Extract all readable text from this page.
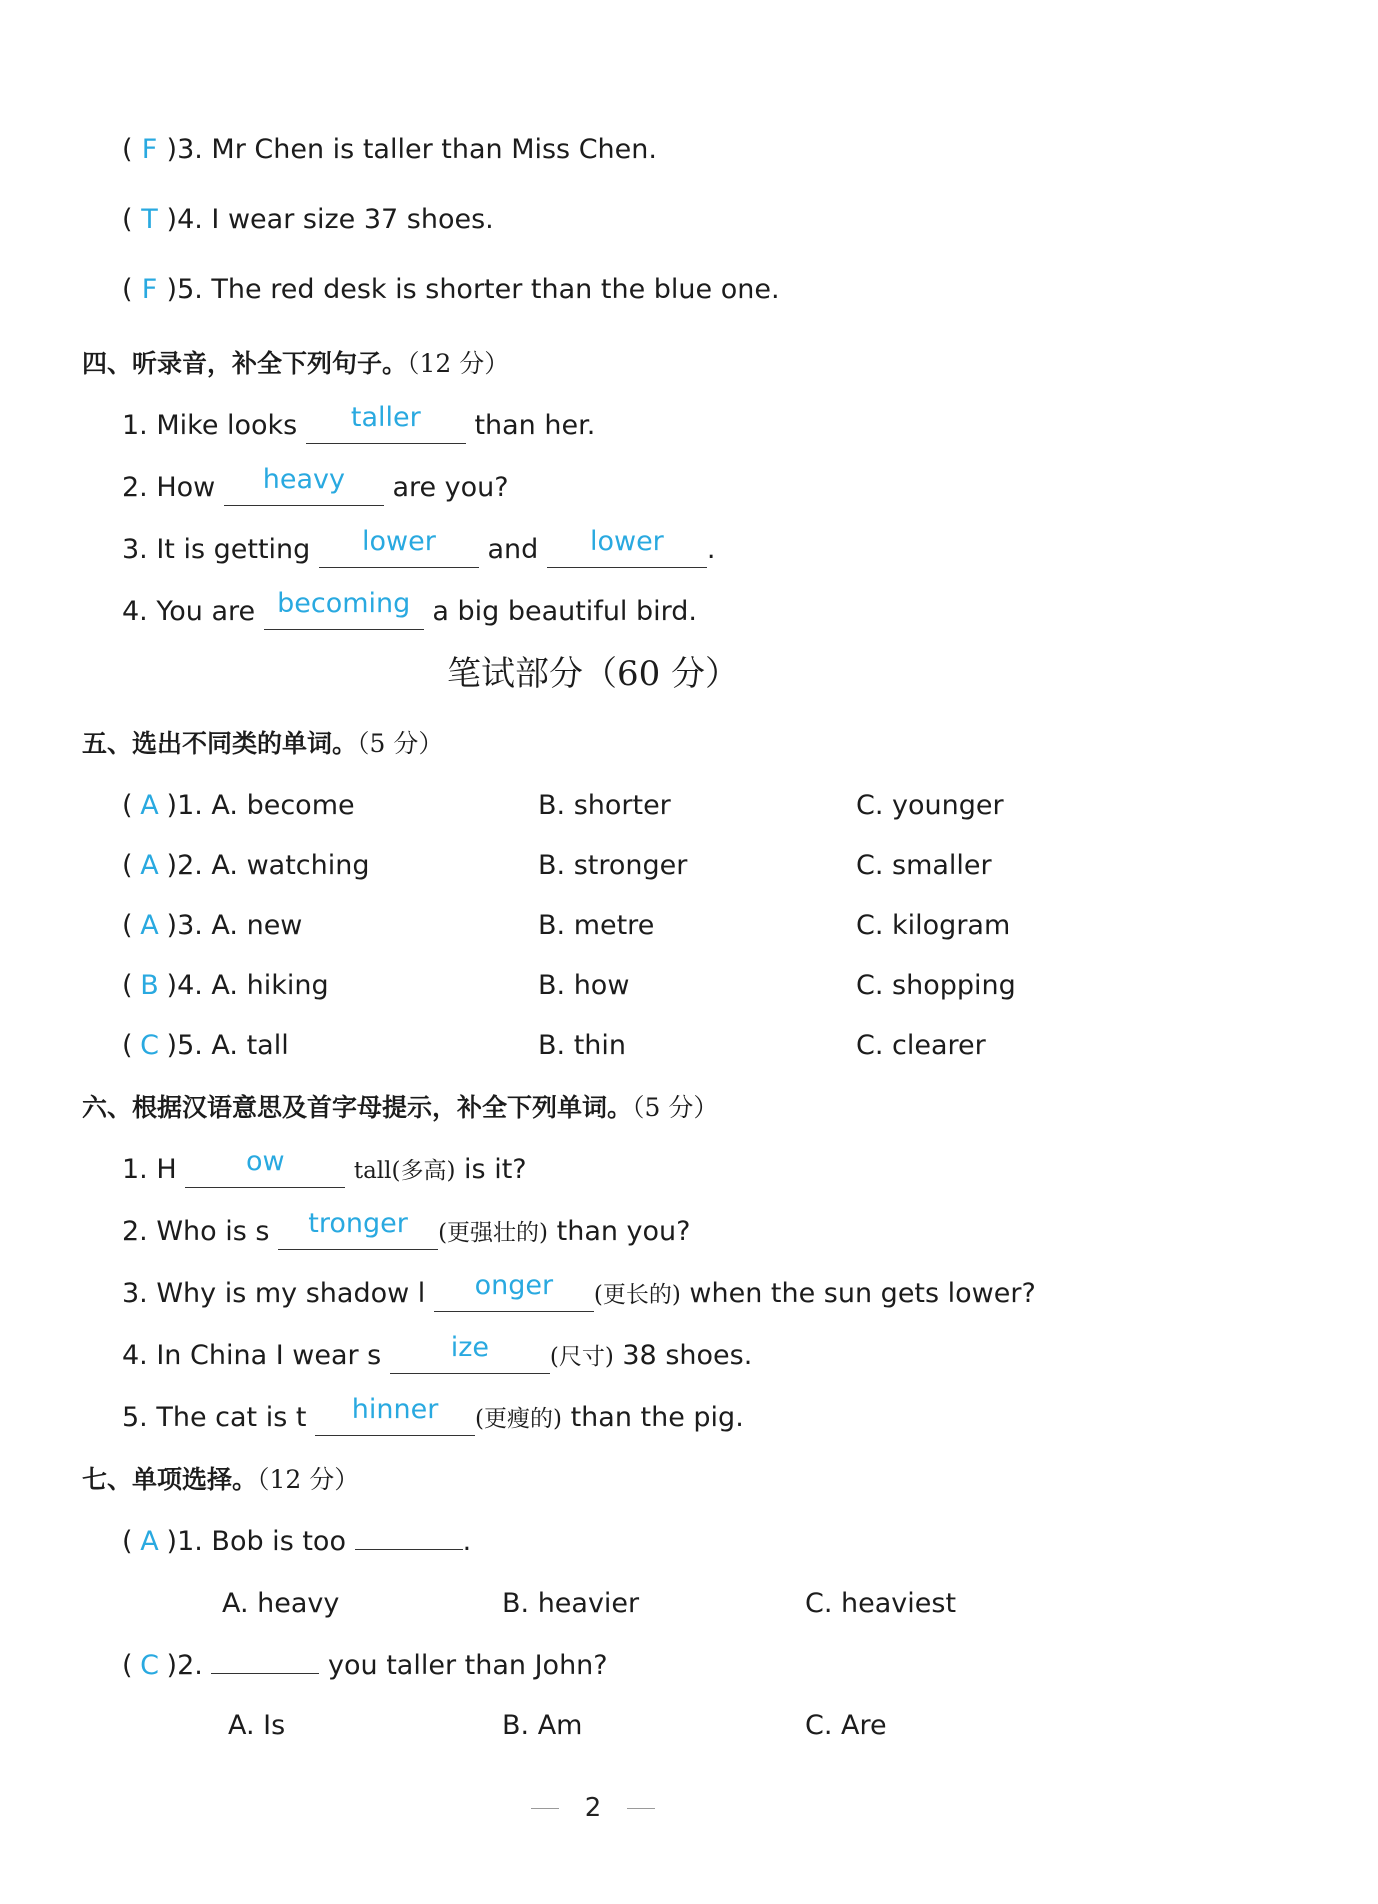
( F )3. Mr Chen is taller than Miss Chen.
( T )4. I wear size 37 shoes.
( F )5. The red desk is shorter than the blue one.
四、听录音，补全下列句子。（12 分）
1. Mike looks taller than her.
2. How heavy are you?
3. It is getting lower and lower .
4. You are becoming a big beautiful bird.
笔试部分（60 分）
五、选出不同类的单词。（5 分）
( A )1. A. become	B. shorter	C. younger
( A )2. A. watching	B. stronger	C. smaller
( A )3. A. new	B. metre	C. kilogram
( B )4. A. hiking	B. how	C. shopping
( C )5. A. tall	B. thin	C. clearer
六、根据汉语意思及首字母提示，补全下列单词。（5 分）
1. H	ow	tall(多高) is it?
2. Who is s tronger (更强壮的) than you?
3. Why is my shadow l onger (更长的) when the sun gets lower?
4. In China I wear s	ize	(尺寸) 38 shoes.
5. The cat is t hinner (更瘦的) than the pig.
七、单项选择。（12 分）
( A )1. Bob is too	.
A. heavy	B. heavier	C. heaviest
( C )2.	you taller than John?
A. Is	B. Am	C. Are
2
